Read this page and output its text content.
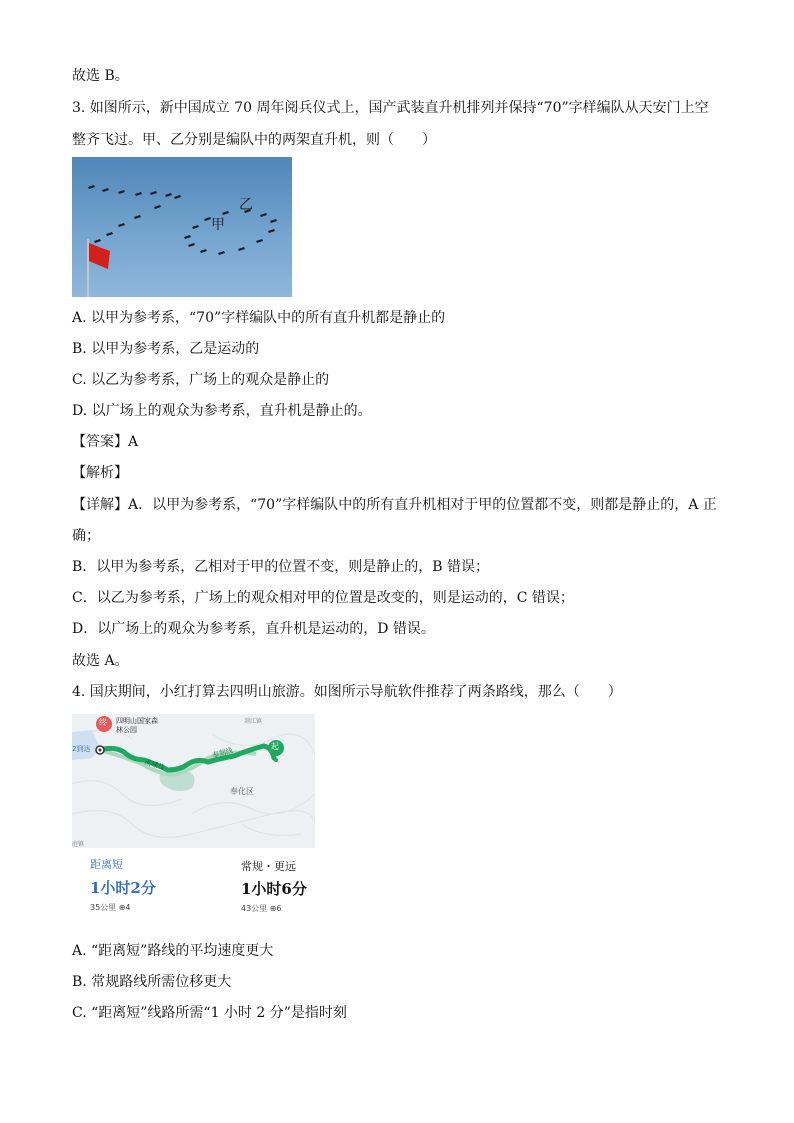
故选 B。
3. 如图所示，新中国成立 70 周年阅兵仪式上，国产武装直升机排列并保持“70”字样编队从天安门上空
整齐飞过。甲、乙分别是编队中的两架直升机，则（　　）
甲
乙
A. 以甲为参考系，“70”字样编队中的所有直升机都是静止的
B. 以甲为参考系，乙是运动的
C. 以乙为参考系，广场上的观众是静止的
D. 以广场上的观众为参考系，直升机是静止的。
【答案】A
【解析】
【详解】A．以甲为参考系，“70”字样编队中的所有直升机相对于甲的位置都不变，则都是静止的，A 正
确；
B．以甲为参考系，乙相对于甲的位置不变，则是静止的，B 错误；
C．以乙为参考系，广场上的观众相对甲的位置是改变的，则是运动的，C 错误；
D．以广场上的观众为参考系，直升机是运动的，D 错误。
故选 A。
4. 国庆期间，小红打算去四明山旅游。如图所示导航软件推荐了两条路线，那么（　　）
终
起
四明山国家森
林公园
2到达
溪嵊线
奉剡线
奉化区
剡江镇
庭镇
距离短
1小时2分
35公里 ⊕4
常规・更远
1小时6分
43公里 ⊕6
A. “距离短”路线的平均速度更大
B. 常规路线所需位移更大
C. “距离短”线路所需“1 小时 2 分”是指时刻
